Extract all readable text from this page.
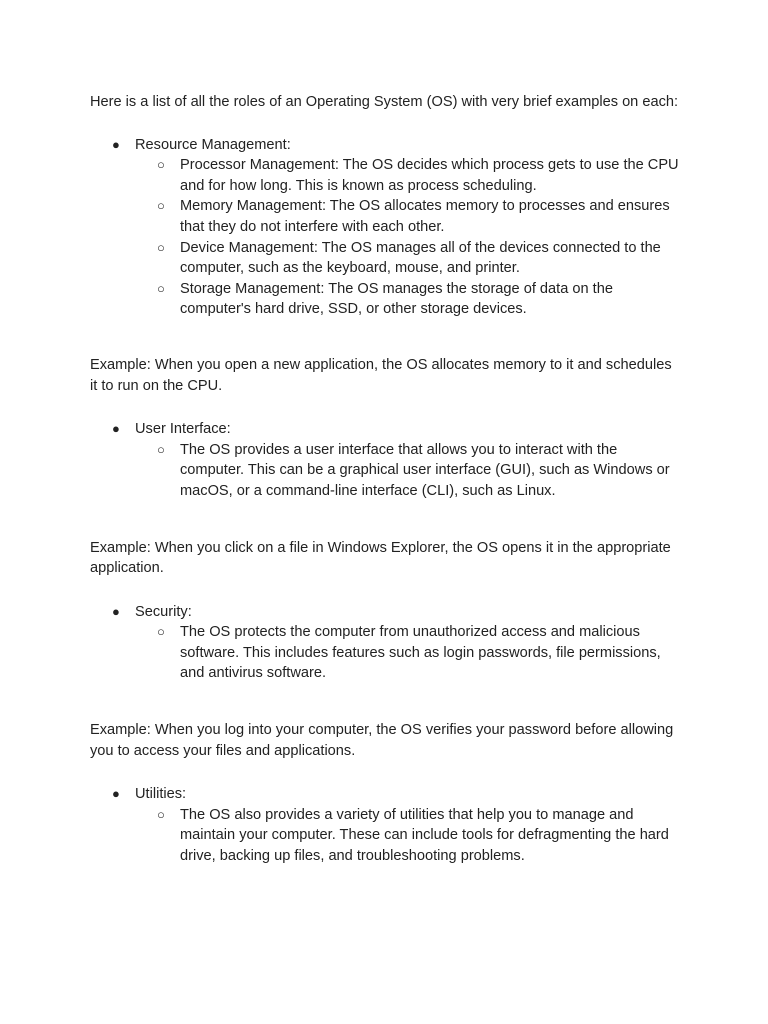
Here is a list of all the roles of an Operating System (OS) with very brief examples on each:

● Resource Management:
○ Processor Management: The OS decides which process gets to use the CPU and for how long. This is known as process scheduling.
○ Memory Management: The OS allocates memory to processes and ensures that they do not interfere with each other.
○ Device Management: The OS manages all of the devices connected to the computer, such as the keyboard, mouse, and printer.
○ Storage Management: The OS manages the storage of data on the computer's hard drive, SSD, or other storage devices.

Example: When you open a new application, the OS allocates memory to it and schedules it to run on the CPU.

● User Interface:
○ The OS provides a user interface that allows you to interact with the computer. This can be a graphical user interface (GUI), such as Windows or macOS, or a command-line interface (CLI), such as Linux.

Example: When you click on a file in Windows Explorer, the OS opens it in the appropriate application.

● Security:
○ The OS protects the computer from unauthorized access and malicious software. This includes features such as login passwords, file permissions, and antivirus software.

Example: When you log into your computer, the OS verifies your password before allowing you to access your files and applications.

● Utilities:
○ The OS also provides a variety of utilities that help you to manage and maintain your computer. These can include tools for defragmenting the hard drive, backing up files, and troubleshooting problems.
